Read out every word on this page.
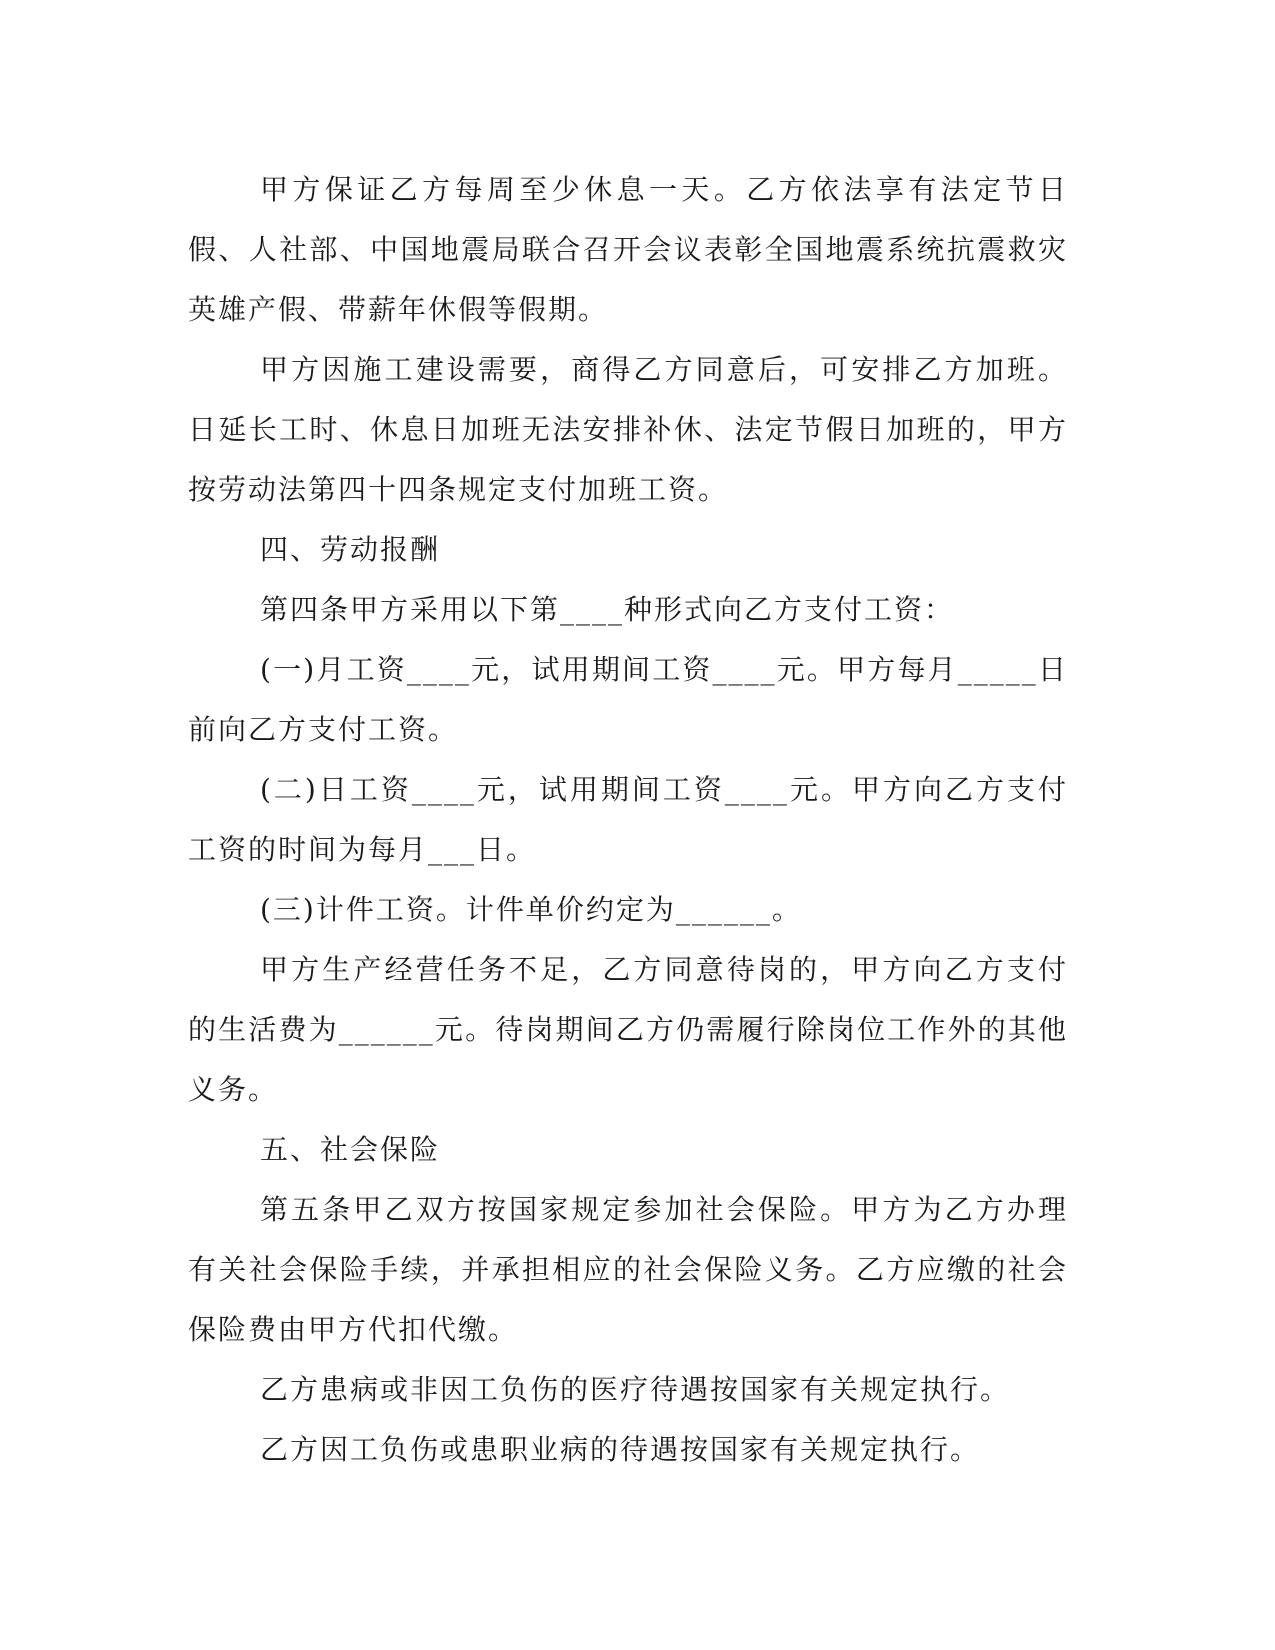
甲方保证乙方每周至少休息一天。乙方依法享有法定节日假、人社部、中国地震局联合召开会议表彰全国地震系统抗震救灾英雄产假、带薪年休假等假期。

甲方因施工建设需要，商得乙方同意后，可安排乙方加班。日延长工时、休息日加班无法安排补休、法定节假日加班的，甲方按劳动法第四十四条规定支付加班工资。

四、劳动报酬

第四条甲方采用以下第____种形式向乙方支付工资：

(一)月工资____元，试用期间工资____元。甲方每月_____日前向乙方支付工资。

(二)日工资____元，试用期间工资____元。甲方向乙方支付工资的时间为每月___日。

(三)计件工资。计件单价约定为______。

甲方生产经营任务不足，乙方同意待岗的，甲方向乙方支付的生活费为______元。待岗期间乙方仍需履行除岗位工作外的其他义务。

五、社会保险

第五条甲乙双方按国家规定参加社会保险。甲方为乙方办理有关社会保险手续，并承担相应的社会保险义务。乙方应缴的社会保险费由甲方代扣代缴。

乙方患病或非因工负伤的医疗待遇按国家有关规定执行。

乙方因工负伤或患职业病的待遇按国家有关规定执行。
